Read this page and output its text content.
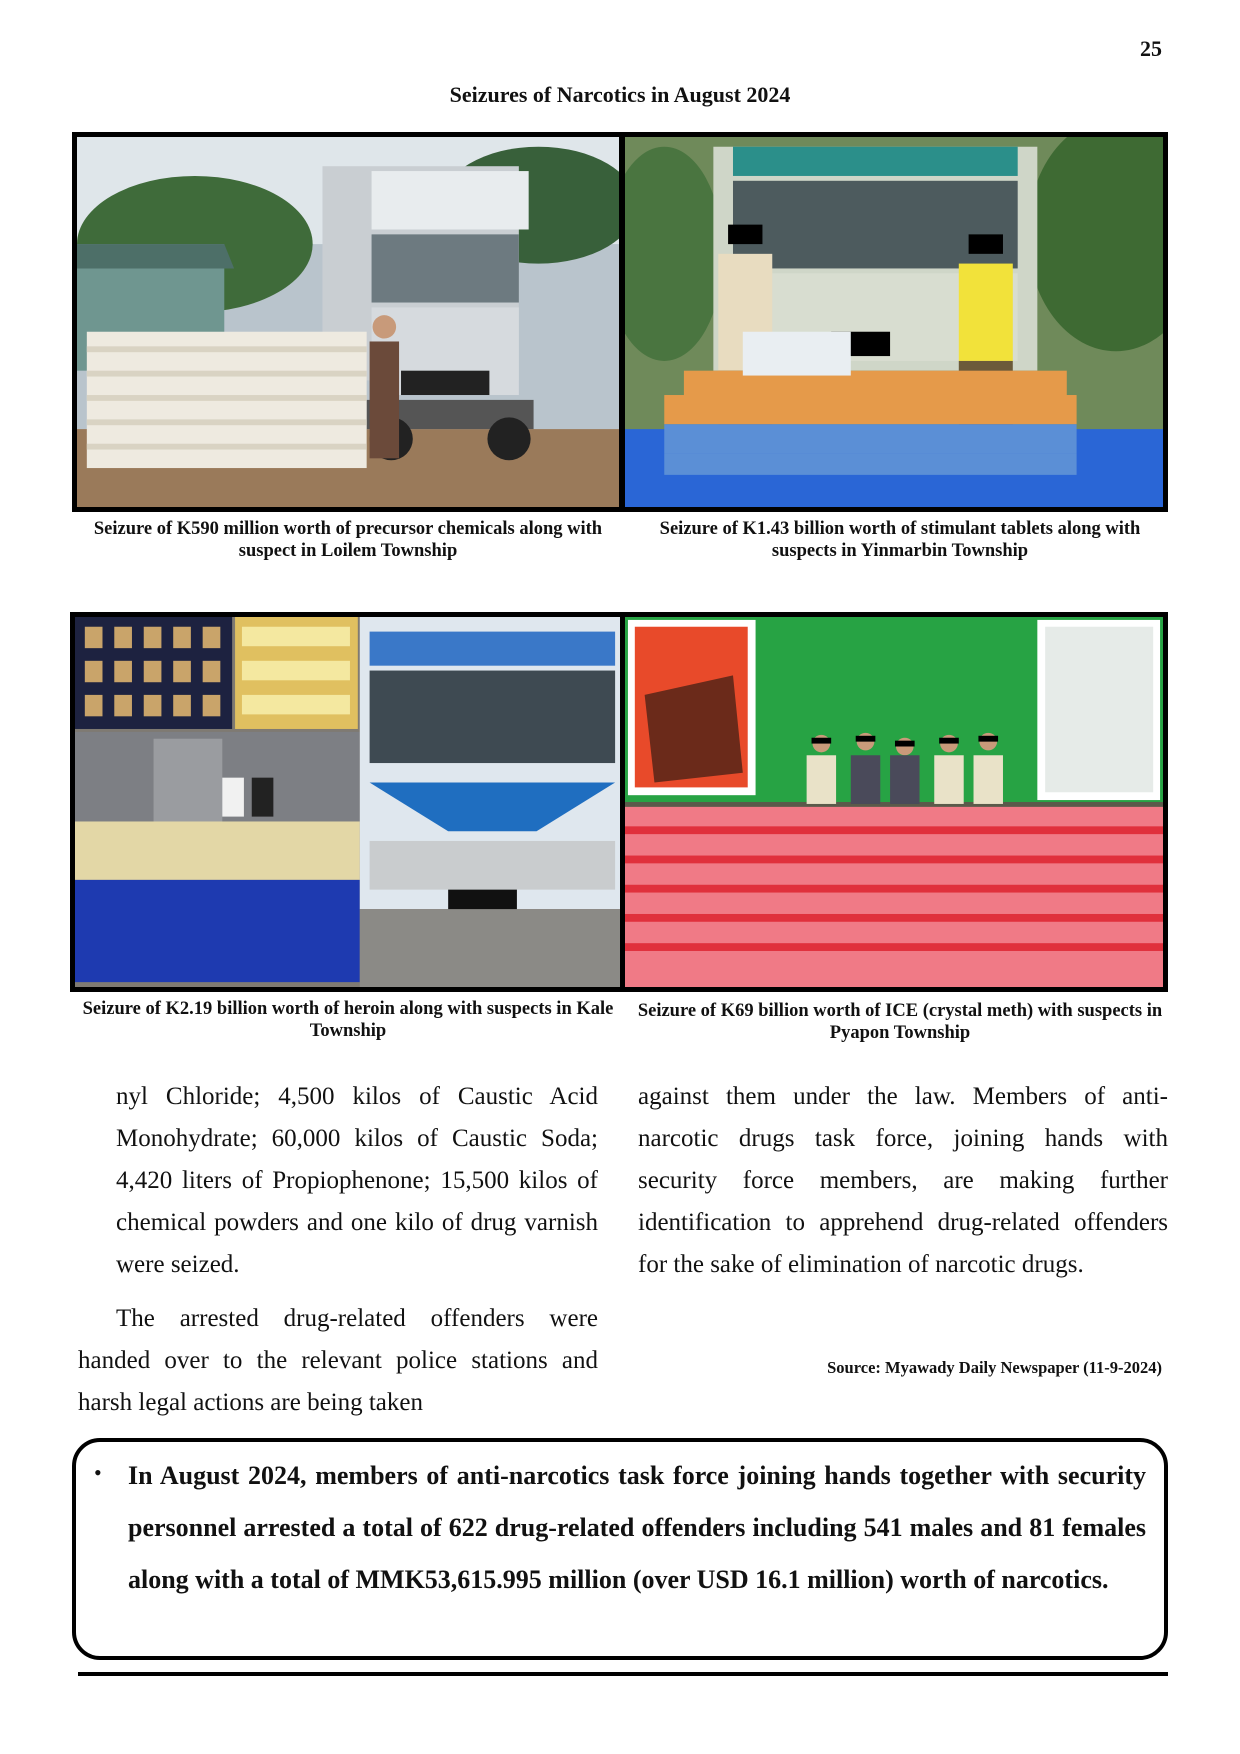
25
Seizures of Narcotics in August 2024
Seizure of K590 million worth of precursor chemicals along with suspect in Loilem Township
Seizure of K1.43 billion worth of stimulant tablets along with suspects in Yinmarbin Township
Seizure of K2.19 billion worth of heroin along with suspects in Kale Township
Seizure of K69 billion worth of ICE (crystal meth) with suspects in Pyapon Township

nyl Chloride; 4,500 kilos of Caustic Acid Monohydrate; 60,000 kilos of Caustic Soda; 4,420 liters of Propiophenone; 15,500 kilos of chemical powders and one kilo of drug varnish were seized.

The arrested drug-related offenders were handed over to the relevant police stations and harsh legal actions are being taken

against them under the law. Members of anti-narcotic drugs task force, joining hands with security force members, are making further identification to apprehend drug-related offenders for the sake of elimination of narcotic drugs.

Source: Myawady Daily Newspaper (11-9-2024)
• In August 2024, members of anti-narcotics task force joining hands together with security personnel arrested a total of 622 drug-related offenders including 541 males and 81 females along with a total of MMK53,615.995 million (over USD 16.1 million) worth of narcotics.
